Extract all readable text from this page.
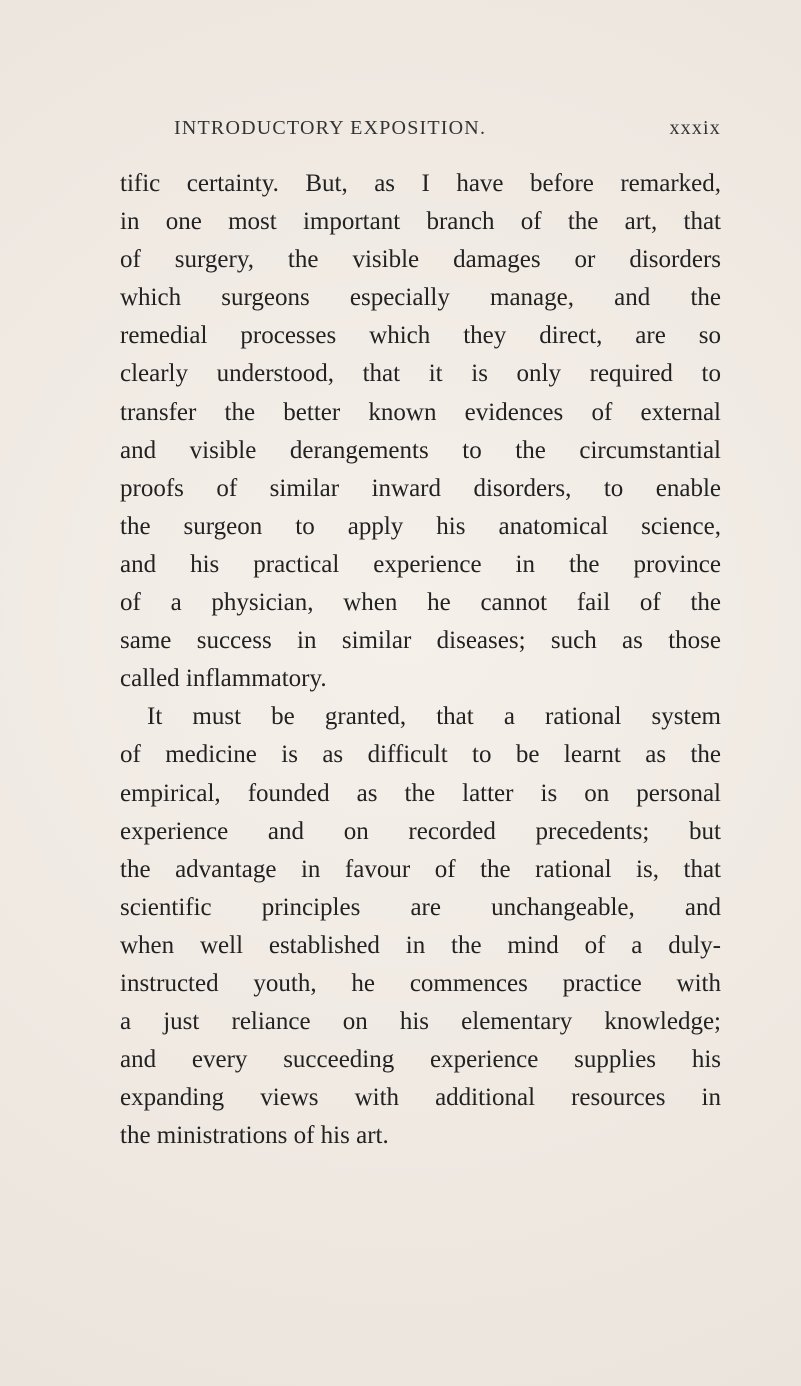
INTRODUCTORY EXPOSITION.	xxxix
tific certainty. But, as I have before remarked,
in one most important branch of the art, that
of surgery, the visible damages or disorders
which surgeons especially manage, and the
remedial processes which they direct, are so
clearly understood, that it is only required to
transfer the better known evidences of external
and visible derangements to the circumstantial
proofs of similar inward disorders, to enable
the surgeon to apply his anatomical science,
and his practical experience in the province
of a physician, when he cannot fail of the
same success in similar diseases; such as those
called inflammatory.
It must be granted, that a rational system
of medicine is as difficult to be learnt as the
empirical, founded as the latter is on personal
experience and on recorded precedents; but
the advantage in favour of the rational is, that
scientific principles are unchangeable, and
when well established in the mind of a duly-
instructed youth, he commences practice with
a just reliance on his elementary knowledge;
and every succeeding experience supplies his
expanding views with additional resources in
the ministrations of his art.
